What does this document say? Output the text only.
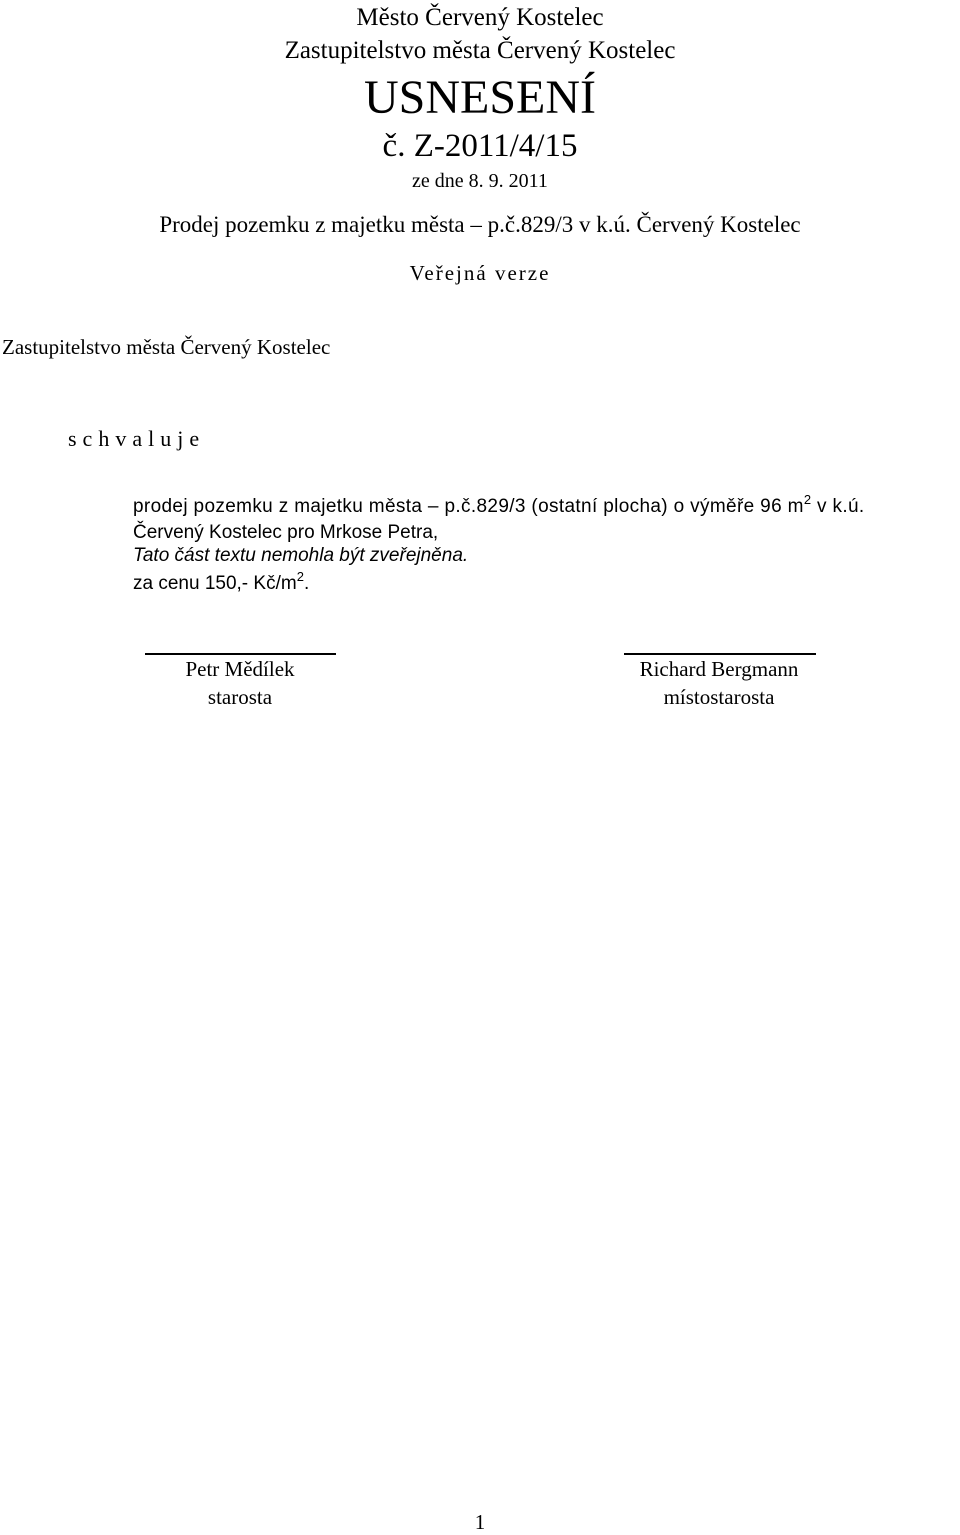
Město Červený Kostelec
Zastupitelstvo města Červený Kostelec
USNESENÍ
č. Z-2011/4/15
ze dne 8. 9. 2011
Prodej pozemku z majetku města – p.č.829/3 v k.ú. Červený Kostelec
Veřejná verze
Zastupitelstvo města Červený Kostelec
schvaluje
prodej pozemku z majetku města – p.č.829/3 (ostatní plocha) o výměře 96 $m^2$ v k.ú.
Červený Kostelec pro Mrkose Petra,
Tato část textu nemohla být zveřejněna.
za cenu 150,- $Kč/m^2$.
Petr Mědílek
starosta
Richard Bergmann
místostarosta
1
